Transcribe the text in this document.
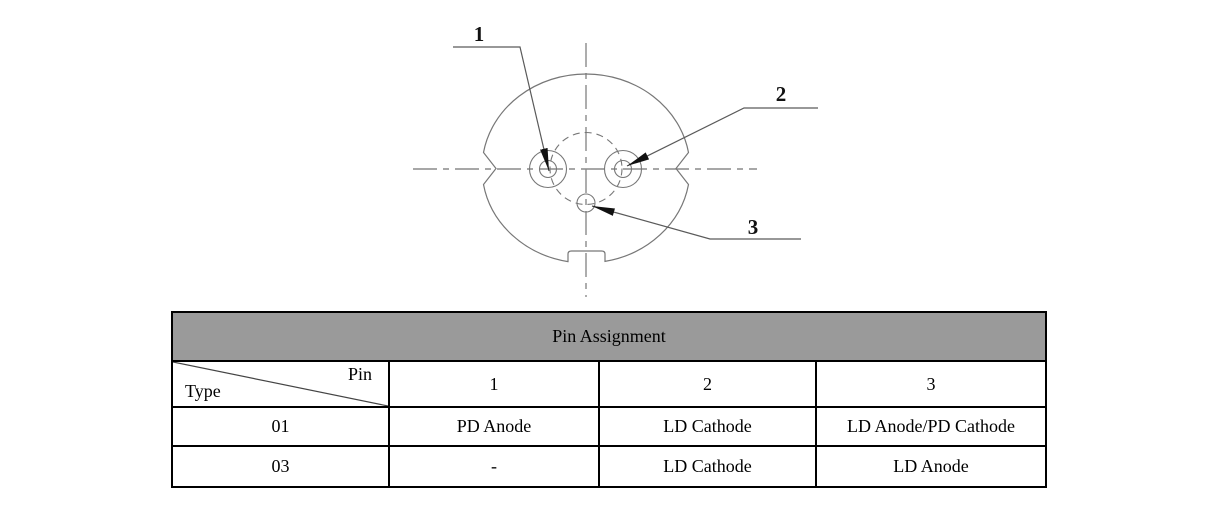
1
2
3
Pin Assignment			

Pin
Type	1	2	3
01	PD Anode	LD Cathode	LD Anode/PD Cathode
03	-	LD Cathode	LD Anode
